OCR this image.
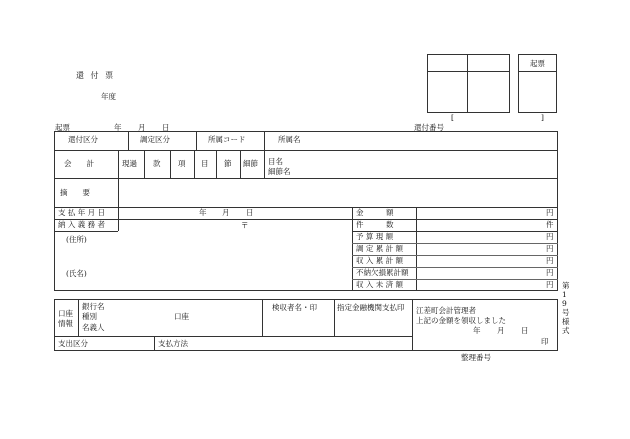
還 付 票
年度
起票
[	]
起票	年 月 日	還付番号
還付区分	調定区分	所属コード	所属名
会　　計	現過 款 項 目 節 細節 目名
細節名
摘　　要
支 払 年 月 日	年 月 日
納 入 義 務 者	〒
(住所)
(氏名)
金　　　額	円
件　　　数	件
予 算 現 額	円
調 定 累 計 額	円
収 入 累 計 額	円
不納欠損累計額	円
収 入 未 済 額	円 第19号様式
口座情報
銀行名
種別	口座
名義人
検収者名・印	指定金融機関支払印 江差町会計管理者
上記の金額を領収しました
年 月 日
印
支出区分	支払方法
整理番号
